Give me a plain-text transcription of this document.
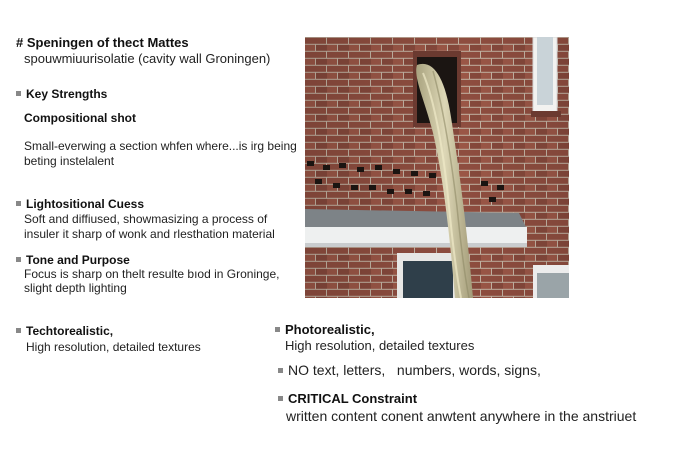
# Speningen of thect Mattes
spouwmiuurisolatie (cavity wall Groningen)
Key Strengths
Compositional shot
Small-everwing a section whfen where...is irg being
beting instelalent
Lightositional Cuess
Soft and diffiused, showmasizing a process of
insuler it sharp of wonk and rlesthation material
Tone and Purpose
Focus is sharp on thelt resulte bıod in Groninge,
slight depth lighting
Techtorealistic,
High resolution, detailed textures
Photorealistic,
High resolution, detailed textures
NO text, letters,   numbers, words, signs,
CRITICAL Constraint
written content conent anwtent anywhere in the anstriuet
